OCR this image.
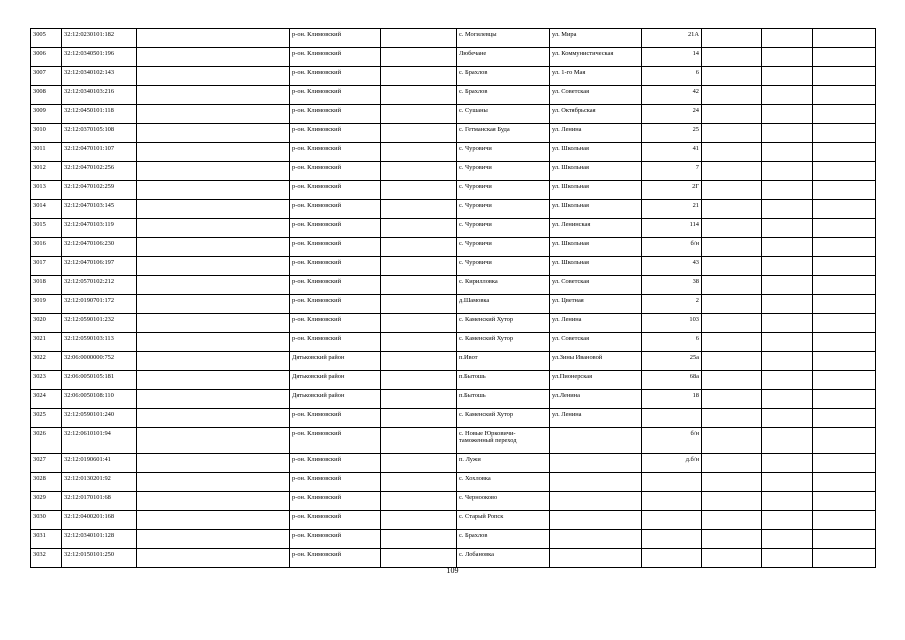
3005	32:12:0230101:182		р-он. Климовский		с. Могилевцы	ул. Мира	21А			
3006	32:12:0340501:196		р-он. Климовский		Любечане	ул. Коммунистическая	14			
3007	32:12:0340102:143		р-он. Климовский		с. Брахлов	ул. 1-го Мая	6			
3008	32:12:0340103:216		р-он. Климовский		с. Брахлов	ул. Советская	42			
3009	32:12:0450101:118		р-он. Климовский		с. Сушаны	ул. Октябрьская	24			
3010	32:12:0370105:108		р-он. Климовский		с. Гетманская Буда	ул. Ленина	25			
3011	32:12:0470101:107		р-он. Климовский		с. Чуровичи	ул. Школьная	41			
3012	32:12:0470102:256		р-он. Климовский		с. Чуровичи	ул. Школьная	7			
3013	32:12:0470102:259		р-он. Климовский		с. Чуровичи	ул. Школьная	2Г			
3014	32:12:0470103:145		р-он. Климовский		с. Чуровичи	ул. Школьная	21			
3015	32:12:0470103:119		р-он. Климовский		с. Чуровичи	ул. Ленинская	114			
3016	32:12:0470106:230		р-он. Климовский		с. Чуровичи	ул. Школьная	б/н			
3017	32:12:0470106:197		р-он. Климовский		с. Чуровичи	ул. Школьная	43			
3018	32:12:0570102:212		р-он. Климовский		с. Кирилловка	ул. Советская	38			
3019	32:12:0190701:172		р-он. Климовский		д.Шамовка	ул. Цветная	2			
3020	32:12:0590101:232		р-он. Климовский		с. Каменский Хутор	ул. Ленина	103			
3021	32:12:0590103:113		р-он. Климовский		с. Каменский Хутор	ул. Советская	6			
3022	32:06:0000000:752		Дятьковский район		п.Ивот	ул.Зины Ивановой	25а			
3023	32:06:0050105:181		Дятьковский район		п.Бытошь	ул.Пионерская	68а			
3024	32:06:0050108:110		Дятьковский район		п.Бытошь	ул.Ленина	18			
3025	32:12:0590101:240		р-он. Климовский		с. Каменский Хутор	ул. Ленина				
3026	32:12:0610101:94		р-он. Климовский		с. Новые Юрковичи-таможенный переход		б/н			
3027	32:12:0190601:41		р-он. Климовский		п. Лужи		д.б/н			
3028	32:12:0130201:92		р-он. Климовский		с. Хохловка					
3029	32:12:0170101:68		р-он. Климовский		с. Чернооково					
3030	32:12:0400201:168		р-он. Климовский		с. Старый Ропск					
3031	32:12:0340101:128		р-он. Климовский		с. Брахлов					
3032	32:12:0150101:250		р-он. Климовский		с. Лобановка					
109
